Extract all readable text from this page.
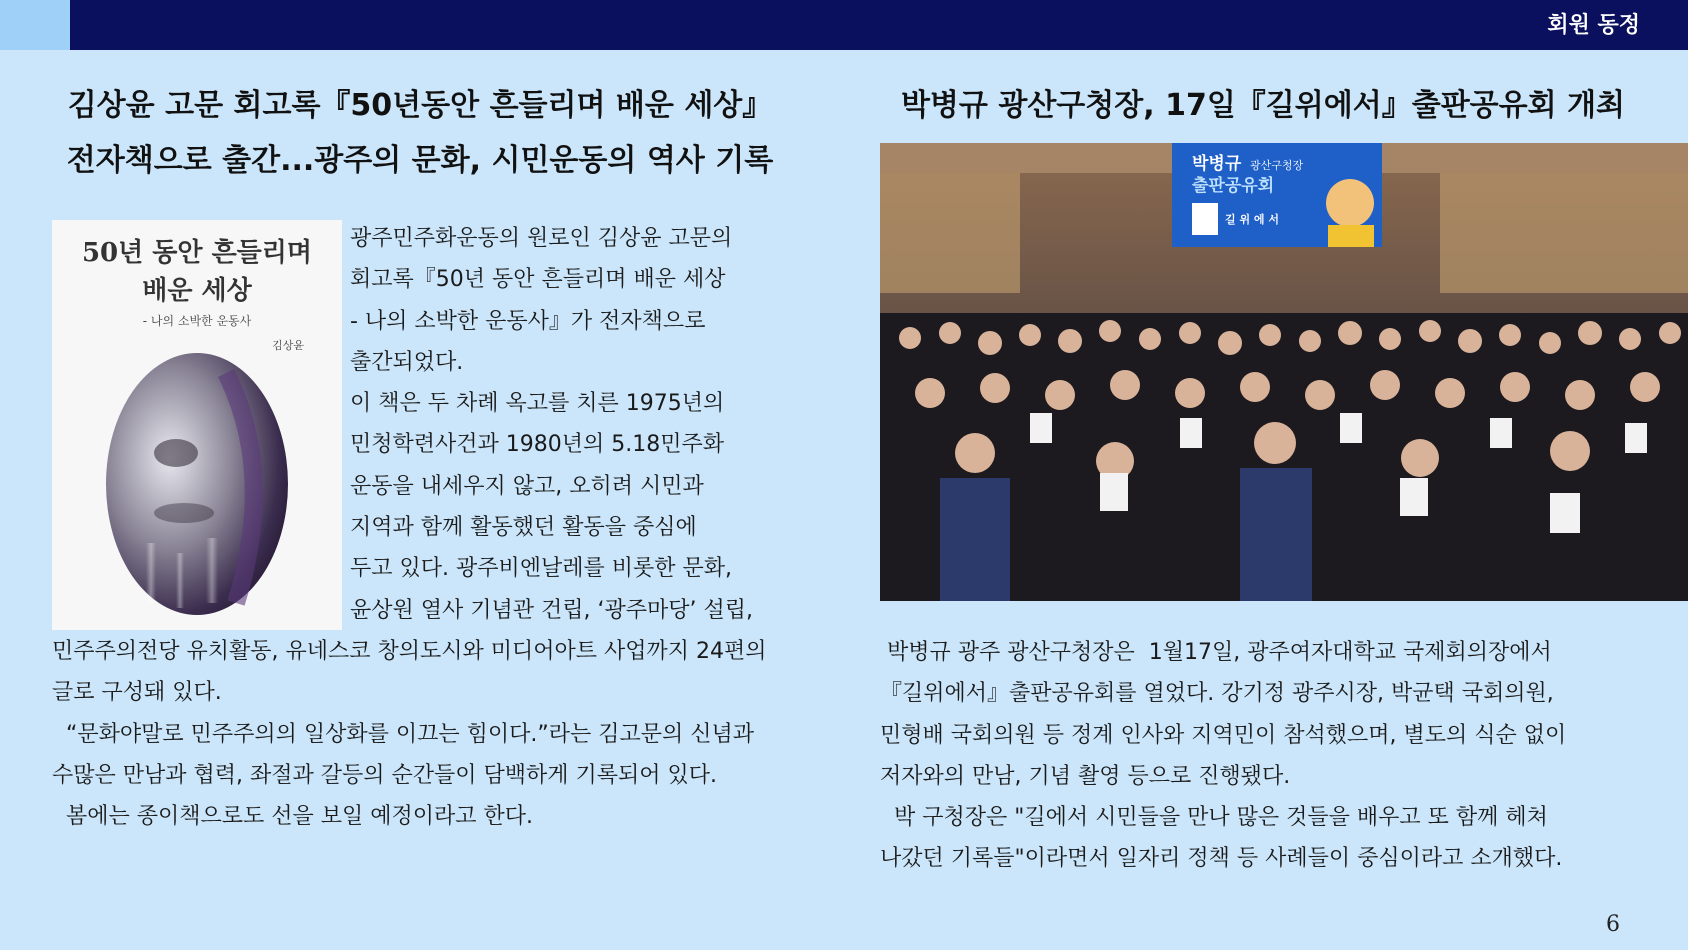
회원 동정
김상윤 고문 회고록『50년동안 흔들리며 배운 세상』
전자책으로 출간...광주의 문화, 시민운동의 역사 기록
50년 동안 흔들리며
배운 세상
- 나의 소박한 운동사
김상윤
광주민주화운동의 원로인 김상윤 고문의
회고록『50년 동안 흔들리며 배운 세상
- 나의 소박한 운동사』가 전자책으로
출간되었다.
이 책은 두 차례 옥고를 치른 1975년의
민청학련사건과 1980년의 5.18민주화
운동을 내세우지 않고, 오히려 시민과
지역과 함께 활동했던 활동을 중심에
두고 있다. 광주비엔날레를 비롯한 문화,
윤상원 열사 기념관 건립, ‘광주마당’ 설립,
민주주의전당 유치활동, 유네스코 창의도시와 미디어아트 사업까지 24편의
글로 구성돼 있다.
“문화야말로 민주주의의 일상화를 이끄는 힘이다.”라는 김고문의 신념과
수많은 만남과 협력, 좌절과 갈등의 순간들이 담백하게 기록되어 있다.
봄에는 종이책으로도 선을 보일 예정이라고 한다.
박병규 광산구청장, 17일『길위에서』출판공유회 개최
박병규 광산구청장
출판공유회
길 위 에 서
박병규 광주 광산구청장은  1월17일, 광주여자대학교 국제회의장에서
『길위에서』출판공유회를 열었다. 강기정 광주시장, 박균택 국회의원,
민형배 국회의원 등 정계 인사와 지역민이 참석했으며, 별도의 식순 없이
저자와의 만남, 기념 촬영 등으로 진행됐다.
박 구청장은 "길에서 시민들을 만나 많은 것들을 배우고 또 함께 헤쳐
나갔던 기록들"이라면서 일자리 정책 등 사례들이 중심이라고 소개했다.
6
